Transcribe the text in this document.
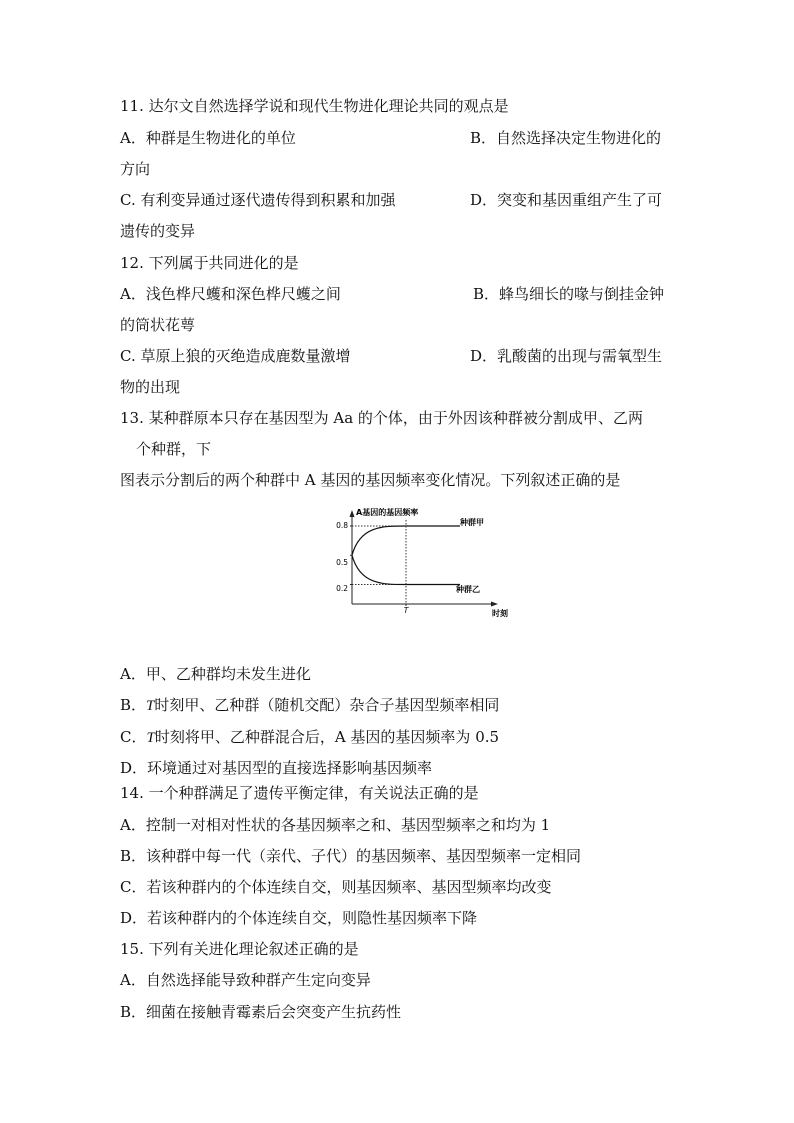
11. 达尔文自然选择学说和现代生物进化理论共同的观点是
A．种群是生物进化的单位	B．自然选择决定生物进化的
方向
C. 有利变异通过逐代遗传得到积累和加强	D．突变和基因重组产生了可
遗传的变异
12. 下列属于共同进化的是
A．浅色桦尺蠖和深色桦尺蠖之间	B．蜂鸟细长的喙与倒挂金钟
的筒状花萼
C. 草原上狼的灭绝造成鹿数量激增	D．乳酸菌的出现与需氧型生
物的出现
13. 某种群原本只存在基因型为 Aa 的个体，由于外因该种群被分割成甲、乙两
个种群，下
图表示分割后的两个种群中 A 基因的基因频率变化情况。下列叙述正确的是
A基因的基因频率
时刻
0.8
0.5
0.2
T
种群甲
种群乙
A．甲、乙种群均未发生进化
B．T时刻甲、乙种群（随机交配）杂合子基因型频率相同
C．T时刻将甲、乙种群混合后，A 基因的基因频率为 0.5
D．环境通过对基因型的直接选择影响基因频率
14. 一个种群满足了遗传平衡定律，有关说法正确的是
A．控制一对相对性状的各基因频率之和、基因型频率之和均为 1
B．该种群中每一代（亲代、子代）的基因频率、基因型频率一定相同
C．若该种群内的个体连续自交，则基因频率、基因型频率均改变
D．若该种群内的个体连续自交，则隐性基因频率下降
15. 下列有关进化理论叙述正确的是
A．自然选择能导致种群产生定向变异
B．细菌在接触青霉素后会突变产生抗药性
